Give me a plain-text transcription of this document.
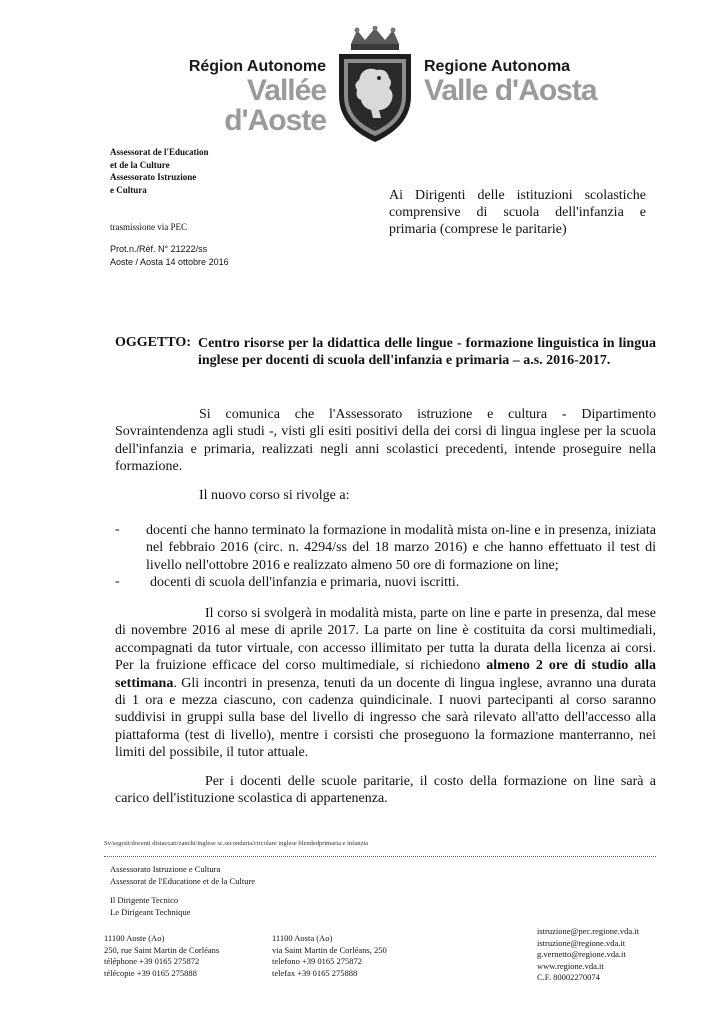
Région Autonome
Vallée d'Aoste
Regione Autonoma
Valle d'Aosta
Assessorat de l'Education
et de la Culture
Assessorato Istruzione
e Cultura
trasmissione via PEC
Prot.n./Réf. N° 21222/ss
Aoste / Aosta 14 ottobre 2016
Ai Dirigenti delle istituzioni scolastiche comprensive di scuola dell'infanzia e primaria (comprese le paritarie)
OGGETTO: Centro risorse per la didattica delle lingue - formazione linguistica in lingua inglese per docenti di scuola dell'infanzia e primaria – a.s. 2016-2017.
Si comunica che l'Assessorato istruzione e cultura - Dipartimento Sovraintendenza agli studi -, visti gli esiti positivi della dei corsi di lingua inglese per la scuola dell'infanzia e primaria, realizzati negli anni scolastici precedenti, intende proseguire nella formazione.
Il nuovo corso si rivolge a:
- docenti che hanno terminato la formazione in modalità mista on-line e in presenza, iniziata nel febbraio 2016 (circ. n. 4294/ss del 18 marzo 2016) e che hanno effettuato il test di livello nell'ottobre 2016 e realizzato almeno 50 ore di formazione on line;
- docenti di scuola dell'infanzia e primaria, nuovi iscritti.
Il corso si svolgerà in modalità mista, parte on line e parte in presenza, dal mese di novembre 2016 al mese di aprile 2017. La parte on line è costituita da corsi multimediali, accompagnati da tutor virtuale, con accesso illimitato per tutta la durata della licenza ai corsi. Per la fruizione efficace del corso multimediale, si richiedono almeno 2 ore di studio alla settimana. Gli incontri in presenza, tenuti da un docente di lingua inglese, avranno una durata di 1 ora e mezza ciascuno, con cadenza quindicinale. I nuovi partecipanti al corso saranno suddivisi in gruppi sulla base del livello di ingresso che sarà rilevato all'atto dell'accesso alla piattaforma (test di livello), mentre i corsisti che proseguono la formazione manterranno, nei limiti del possibile, il tutor attuale.
Per i docenti delle scuole paritarie, il costo della formazione on line sarà a carico dell'istituzione scolastica di appartenenza.
Sv/segrsit/docenti distaccati/zanchi/inglese sc.secondaria/circolare inglese blendedprimaria e infanzia
Assessorato Istruzione e Cultura
Assessorat de l'Educatione et de la Culture
Il Dirigente Tecnico
Le Dirigeant Technique
11100 Aoste (Ao)
250, rue Saint Martin de Corléans
téléphone +39 0165 275872
télécopie +39 0165 275888
11100 Aosta (Ao)
via Saint Martin de Corléans, 250
telefono +39 0165 275872
telefax +39 0165 275888
istruzione@pec.regione.vda.it
istruzione@regione.vda.it
g.vernetto@regione.vda.it
www.regione.vda.it
C.F. 80002270074
